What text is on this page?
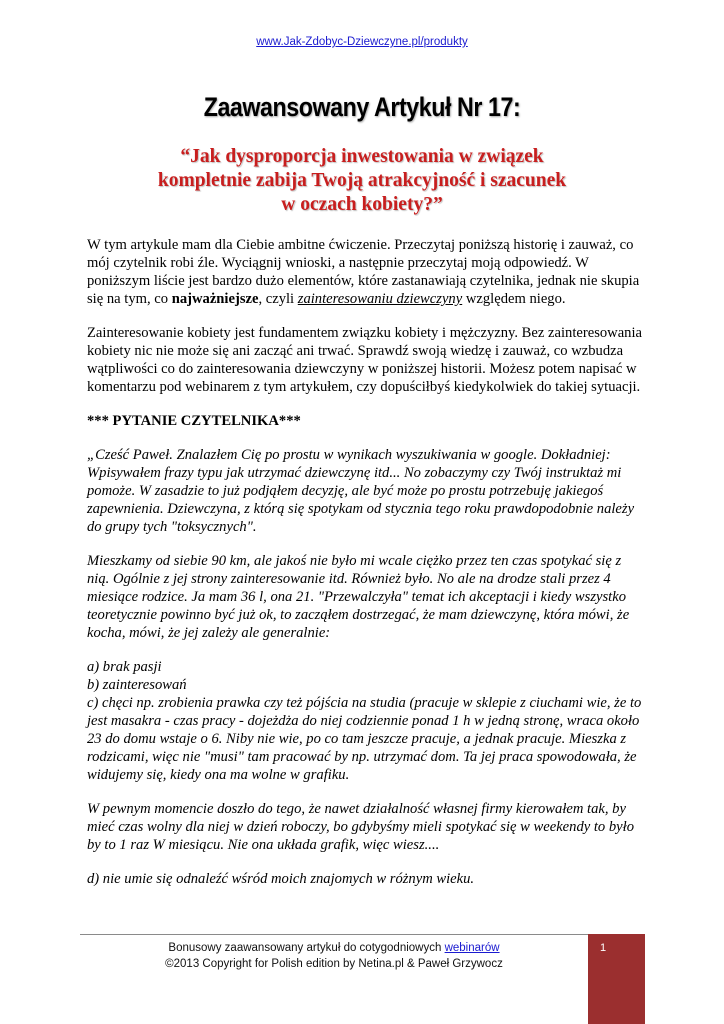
www.Jak-Zdobyc-Dziewczyne.pl/produkty
Zaawansowany Artykuł Nr 17:
“Jak dysproporcja inwestowania w związek
kompletnie zabija Twoją atrakcyjność i szacunek
w oczach kobiety?”

W tym artykule mam dla Ciebie ambitne ćwiczenie. Przeczytaj poniższą historię i zauważ, co mój czytelnik robi źle. Wyciągnij wnioski, a następnie przeczytaj moją odpowiedź. W poniższym liście jest bardzo dużo elementów, które zastanawiają czytelnika, jednak nie skupia się na tym, co najważniejsze, czyli zainteresowaniu dziewczyny względem niego.

Zainteresowanie kobiety jest fundamentem związku kobiety i mężczyzny. Bez zainteresowania kobiety nic nie może się ani zacząć ani trwać. Sprawdź swoją wiedzę i zauważ, co wzbudza wątpliwości co do zainteresowania dziewczyny w poniższej historii. Możesz potem napisać w komentarzu pod webinarem z tym artykułem, czy dopuściłbyś kiedykolwiek do takiej sytuacji.

*** PYTANIE CZYTELNIKA***

„Cześć Paweł. Znalazłem Cię po prostu w wynikach wyszukiwania w google. Dokładniej: Wpisywałem frazy typu jak utrzymać dziewczynę itd... No zobaczymy czy Twój instruktaż mi pomoże. W zasadzie to już podjąłem decyzję, ale być może po prostu potrzebuję jakiegoś zapewnienia. Dziewczyna, z którą się spotykam od stycznia tego roku prawdopodobnie należy do grupy tych "toksycznych".

Mieszkamy od siebie 90 km, ale jakoś nie było mi wcale ciężko przez ten czas spotykać się z nią. Ogólnie z jej strony zainteresowanie itd. Również było. No ale na drodze stali przez 4 miesiące rodzice. Ja mam 36 l, ona 21. "Przewalczyła" temat ich akceptacji i kiedy wszystko teoretycznie powinno być już ok, to zacząłem dostrzegać, że mam dziewczynę, która mówi, że kocha, mówi, że jej zależy ale generalnie:

a) brak pasji
b) zainteresowań
c) chęci np. zrobienia prawka czy też pójścia na studia (pracuje w sklepie z ciuchami wie, że to jest masakra - czas pracy - dojeżdża do niej codziennie ponad 1 h w jedną stronę, wraca około 23 do domu wstaje o 6. Niby nie wie, po co tam jeszcze pracuje, a jednak pracuje. Mieszka z rodzicami, więc nie "musi" tam pracować by np. utrzymać dom. Ta jej praca spowodowała, że widujemy się, kiedy ona ma wolne w grafiku.

W pewnym momencie doszło do tego, że nawet działalność własnej firmy kierowałem tak, by mieć czas wolny dla niej w dzień roboczy, bo gdybyśmy mieli spotykać się w weekendy to było by to 1 raz W miesiącu. Nie ona układa grafik, więc wiesz....

d) nie umie się odnaleźć wśród moich znajomych w różnym wieku.

Bonusowy zaawansowany artykuł do cotygodniowych webinarów
©2013 Copyright for Polish edition by Netina.pl & Paweł Grzywocz
1
